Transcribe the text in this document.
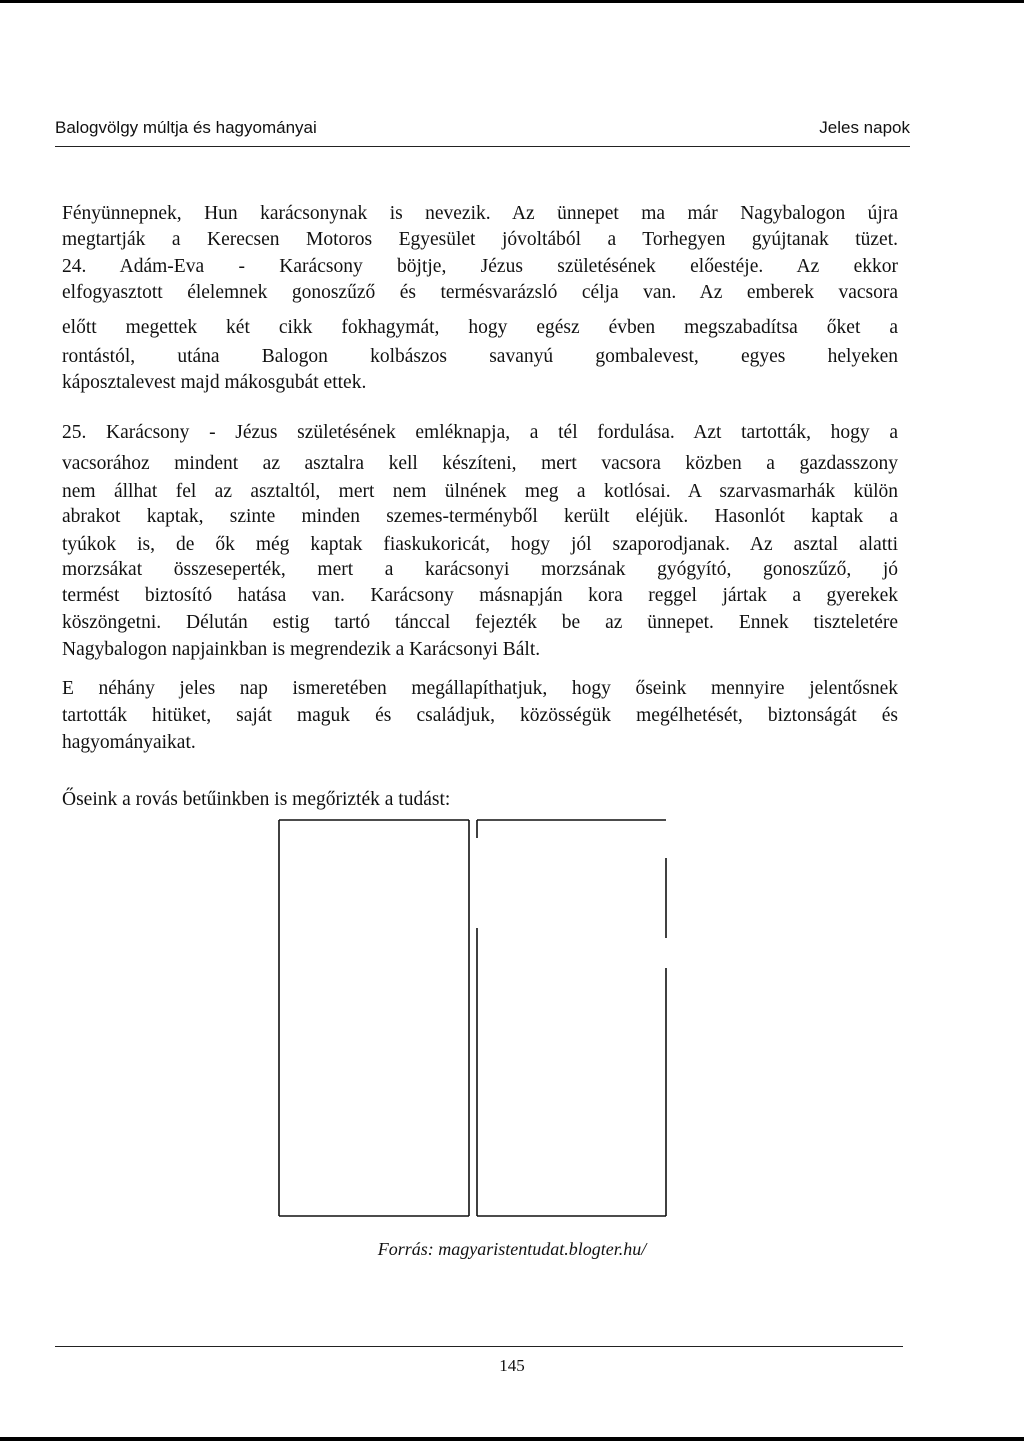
Balogvölgy múltja és hagyományai	Jeles napok
Fényünnepnek, Hun karácsonynak is nevezik. Az ünnepet ma már Nagybalogon újra
megtartják a Kerecsen Motoros Egyesület jóvoltából a Torhegyen gyújtanak tüzet.
24. Adám-Eva - Karácsony böjtje, Jézus születésének előestéje. Az ekkor
elfogyasztott élelemnek gonoszűző és termésvarázsló célja van. Az emberek vacsora
előtt megettek két cikk fokhagymát, hogy egész évben megszabadítsa őket a
rontástól, utána Balogon kolbászos savanyú gombalevest, egyes helyeken
káposztalevest majd mákosgubát ettek.
25. Karácsony - Jézus születésének emléknapja, a tél fordulása. Azt tartották, hogy a
vacsorához mindent az asztalra kell készíteni, mert vacsora közben a gazdasszony
nem állhat fel az asztaltól, mert nem ülnének meg a kotlósai. A szarvasmarhák külön
abrakot kaptak, szinte minden szemes-terményből került eléjük. Hasonlót kaptak a
tyúkok is, de ők még kaptak fiaskukoricát, hogy jól szaporodjanak. Az asztal alatti
morzsákat összeseperték, mert a karácsonyi morzsának gyógyító, gonoszűző, jó
termést biztosító hatása van. Karácsony másnapján kora reggel jártak a gyerekek
köszöngetni. Délután estig tartó tánccal fejezték be az ünnepet. Ennek tiszteletére
Nagybalogon napjainkban is megrendezik a Karácsonyi Bált.
E néhány jeles nap ismeretében megállapíthatjuk, hogy őseink mennyire jelentősnek
tartották hitüket, saját maguk és családjuk, közösségük megélhetését, biztonságát és
hagyományaikat.
Őseink a rovás betűinkben is megőrizték a tudást:
Forrás: magyaristentudat.blogter.hu/
145
